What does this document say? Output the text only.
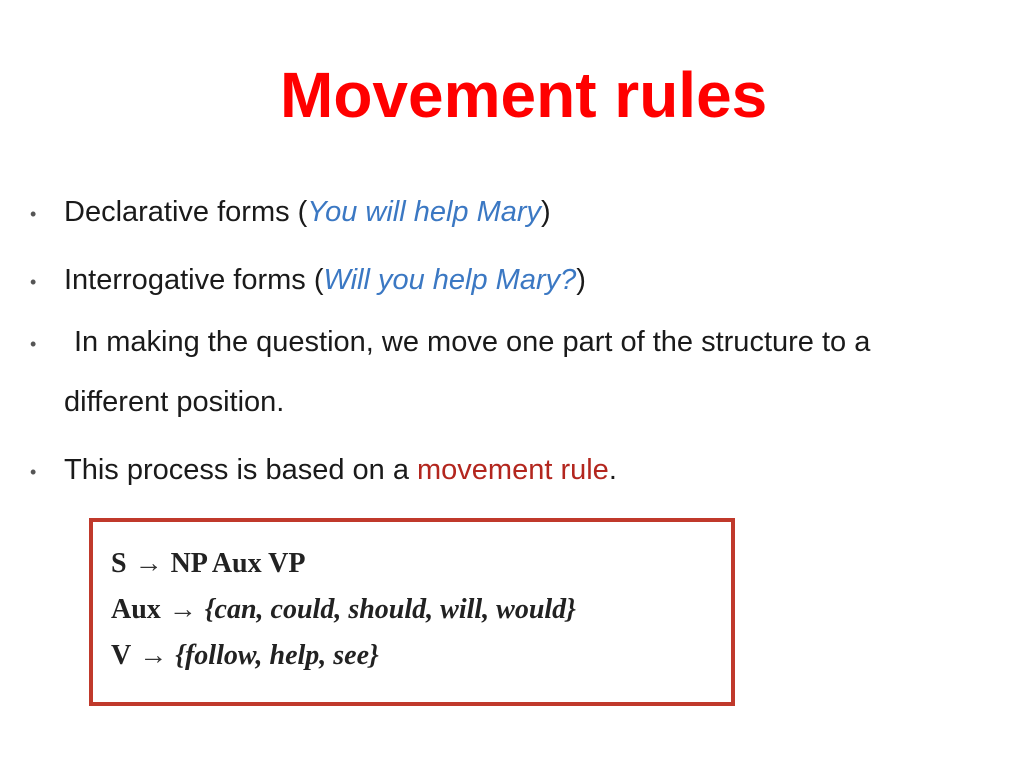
Movement rules
• Declarative forms (You will help Mary)
• Interrogative forms (Will you help Mary?)
• In making the question, we move one part of the structure to a
different position.
• This process is based on a movement rule.
S → NP Aux VP
Aux → {can, could, should, will, would}
V → {follow, help, see}
